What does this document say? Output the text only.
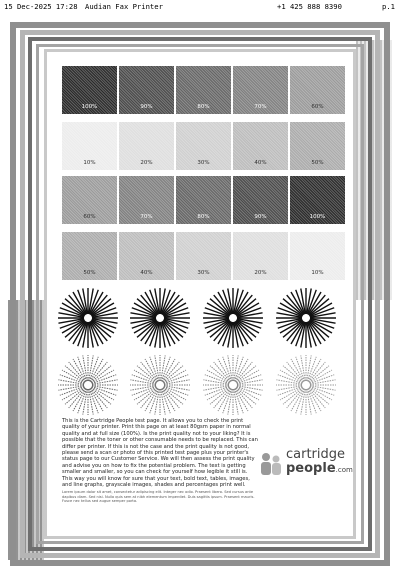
15 Dec-2025 17:28 Audian Fax Printer	+1 425 888 8390	p.1
100%	90%	80%	70%	60%
10%	20%	30%	40%	50%
60%	70%	80%	90%	100%
50%	40%	30%	20%	10%
This is the Cartridge People test page. It allows you to check the print quality of your printer. Print this page on at least 80gsm paper in normal quality and at full size (100%). Is the print quality not to your liking? It is possible that the toner or other consumable needs to be replaced. This can differ per printer. If this is not the case and the print quality is not good, please send a scan or photo of this printed test page plus your printer's status page to our Customer Service. We will then assess the print quality and advise you on how to fix the potential problem. The text is getting smaller and smaller, so you can check for yourself how legible it still is. This way you will know for sure that your text, bold text, tables, images, and line graphs, grayscale images, shades and percentages print well.
Lorem ipsum dolor sit amet, consectetur adipiscing elit. Integer nec odio. Praesent libero. Sed cursus ante dapibus diam. Sed nisi. Nulla quis sem at nibh elementum imperdiet. Duis sagittis ipsum. Praesent mauris. Fusce nec tellus sed augue semper porta.
cartridge
people.com
